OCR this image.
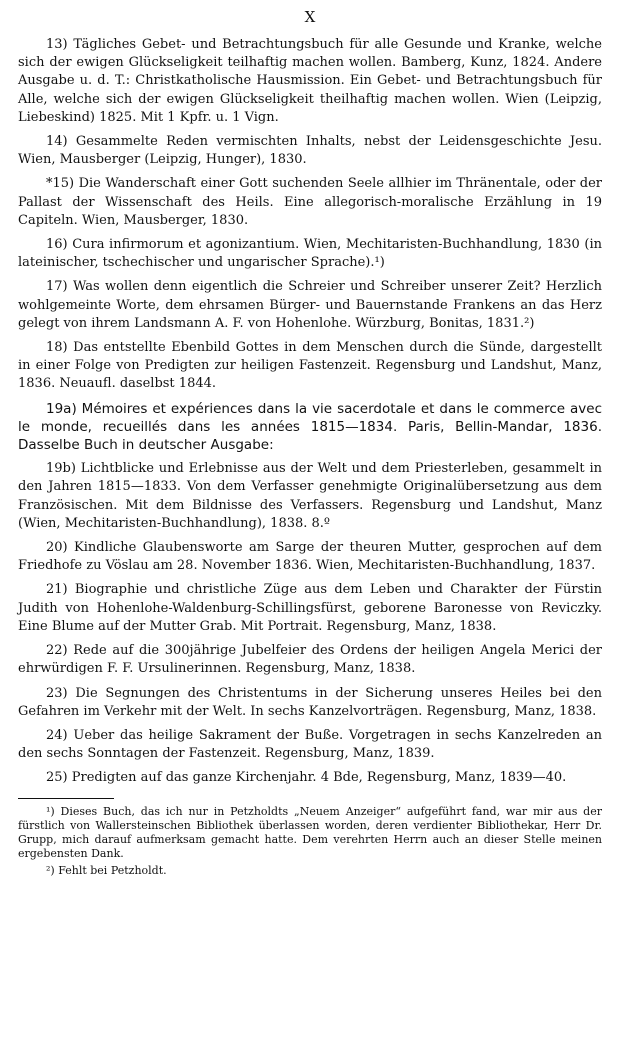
X

13) Tägliches Gebet- und Betrachtungsbuch für alle Gesunde und Kranke, welche sich der ewigen Glückseligkeit teilhaftig machen wollen. Bamberg, Kunz, 1824. Andere Ausgabe u. d. T.: Christkatholische Hausmission. Ein Gebet- und Betrachtungsbuch für Alle, welche sich der ewigen Glückseligkeit theilhaftig machen wollen. Wien (Leipzig, Liebeskind) 1825. Mit 1 Kpfr. u. 1 Vign.

14) Gesammelte Reden vermischten Inhalts, nebst der Leidensgeschichte Jesu. Wien, Mausberger (Leipzig, Hunger), 1830.

*15) Die Wanderschaft einer Gott suchenden Seele allhier im Thränentale, oder der Pallast der Wissenschaft des Heils. Eine allegorisch-moralische Erzählung in 19 Capiteln. Wien, Mausberger, 1830.

16) Cura infirmorum et agonizantium. Wien, Mechitaristen-Buchhandlung, 1830 (in lateinischer, tschechischer und ungarischer Sprache).¹)

17) Was wollen denn eigentlich die Schreier und Schreiber unserer Zeit? Herzlich wohlgemeinte Worte, dem ehrsamen Bürger- und Bauernstande Frankens an das Herz gelegt von ihrem Landsmann A. F. von Hohenlohe. Würzburg, Bonitas, 1831.²)

18) Das entstellte Ebenbild Gottes in dem Menschen durch die Sünde, dargestellt in einer Folge von Predigten zur heiligen Fastenzeit. Regensburg und Landshut, Manz, 1836. Neuaufl. daselbst 1844.

19a) Mémoires et expériences dans la vie sacerdotale et dans le commerce avec le monde, recueillés dans les années 1815—1834. Paris, Bellin-Mandar, 1836. Dasselbe Buch in deutscher Ausgabe:

19b) Lichtblicke und Erlebnisse aus der Welt und dem Priesterleben, gesammelt in den Jahren 1815—1833. Von dem Verfasser genehmigte Originalübersetzung aus dem Französischen. Mit dem Bildnisse des Verfassers. Regensburg und Landshut, Manz (Wien, Mechitaristen-Buchhandlung), 1838. 8.º

20) Kindliche Glaubensworte am Sarge der theuren Mutter, gesprochen auf dem Friedhofe zu Vöslau am 28. November 1836. Wien, Mechitaristen-Buchhandlung, 1837.

21) Biographie und christliche Züge aus dem Leben und Charakter der Fürstin Judith von Hohenlohe-Waldenburg-Schillingsfürst, geborene Baronesse von Reviczky. Eine Blume auf der Mutter Grab. Mit Portrait. Regensburg, Manz, 1838.

22) Rede auf die 300jährige Jubelfeier des Ordens der heiligen Angela Merici der ehrwürdigen F. F. Ursulinerinnen. Regensburg, Manz, 1838.

23) Die Segnungen des Christentums in der Sicherung unseres Heiles bei den Gefahren im Verkehr mit der Welt. In sechs Kanzelvorträgen. Regensburg, Manz, 1838.

24) Ueber das heilige Sakrament der Buße. Vorgetragen in sechs Kanzelreden an den sechs Sonntagen der Fastenzeit. Regensburg, Manz, 1839.

25) Predigten auf das ganze Kirchenjahr. 4 Bde, Regensburg, Manz, 1839—40.

¹) Dieses Buch, das ich nur in Petzholdts „Neuem Anzeiger“ aufgeführt fand, war mir aus der fürstlich von Wallersteinschen Bibliothek überlassen worden, deren verdienter Bibliothekar, Herr Dr. Grupp, mich darauf aufmerksam gemacht hatte. Dem verehrten Herrn auch an dieser Stelle meinen ergebensten Dank.

²) Fehlt bei Petzholdt.
